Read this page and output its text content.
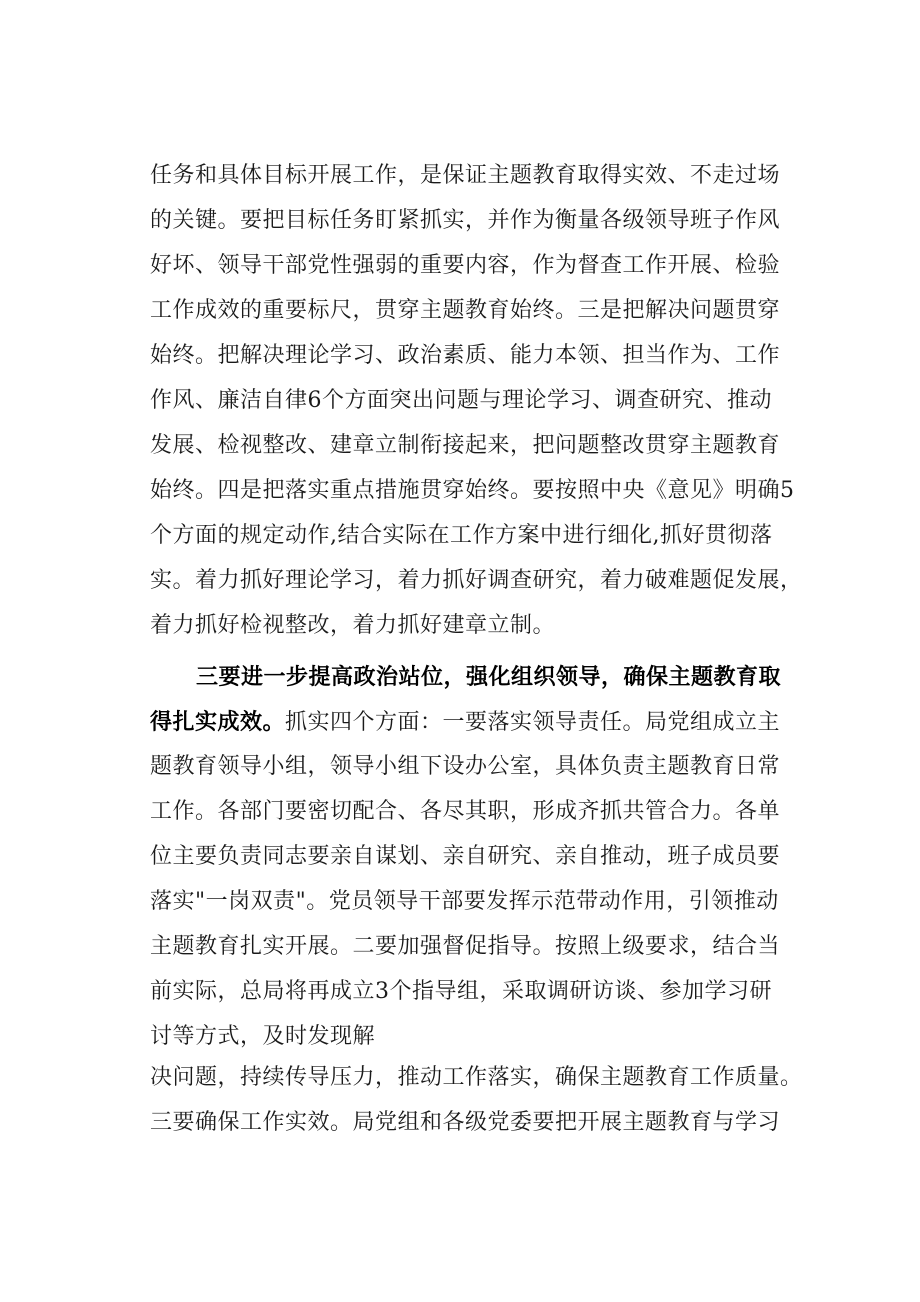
任务和具体目标开展工作，是保证主题教育取得实效、不走过场
的关键。要把目标任务盯紧抓实，并作为衡量各级领导班子作风
好坏、领导干部党性强弱的重要内容，作为督查工作开展、检验
工作成效的重要标尺，贯穿主题教育始终。三是把解决问题贯穿
始终。把解决理论学习、政治素质、能力本领、担当作为、工作
作风、廉洁自律6个方面突出问题与理论学习、调查研究、推动
发展、检视整改、建章立制衔接起来，把问题整改贯穿主题教育
始终。四是把落实重点措施贯穿始终。要按照中央《意见》明确5
个方面的规定动作,结合实际在工作方案中进行细化,抓好贯彻落
实。着力抓好理论学习，着力抓好调查研究，着力破难题促发展，
着力抓好检视整改，着力抓好建章立制。
三要进一步提高政治站位，强化组织领导，确保主题教育取
得扎实成效。抓实四个方面：一要落实领导责任。局党组成立主
题教育领导小组，领导小组下设办公室，具体负责主题教育日常
工作。各部门要密切配合、各尽其职，形成齐抓共管合力。各单
位主要负责同志要亲自谋划、亲自研究、亲自推动，班子成员要
落实"一岗双责"。党员领导干部要发挥示范带动作用，引领推动
主题教育扎实开展。二要加强督促指导。按照上级要求，结合当
前实际，总局将再成立3个指导组，采取调研访谈、参加学习研
讨等方式，及时发现解
决问题，持续传导压力，推动工作落实，确保主题教育工作质量。
三要确保工作实效。局党组和各级党委要把开展主题教育与学习
